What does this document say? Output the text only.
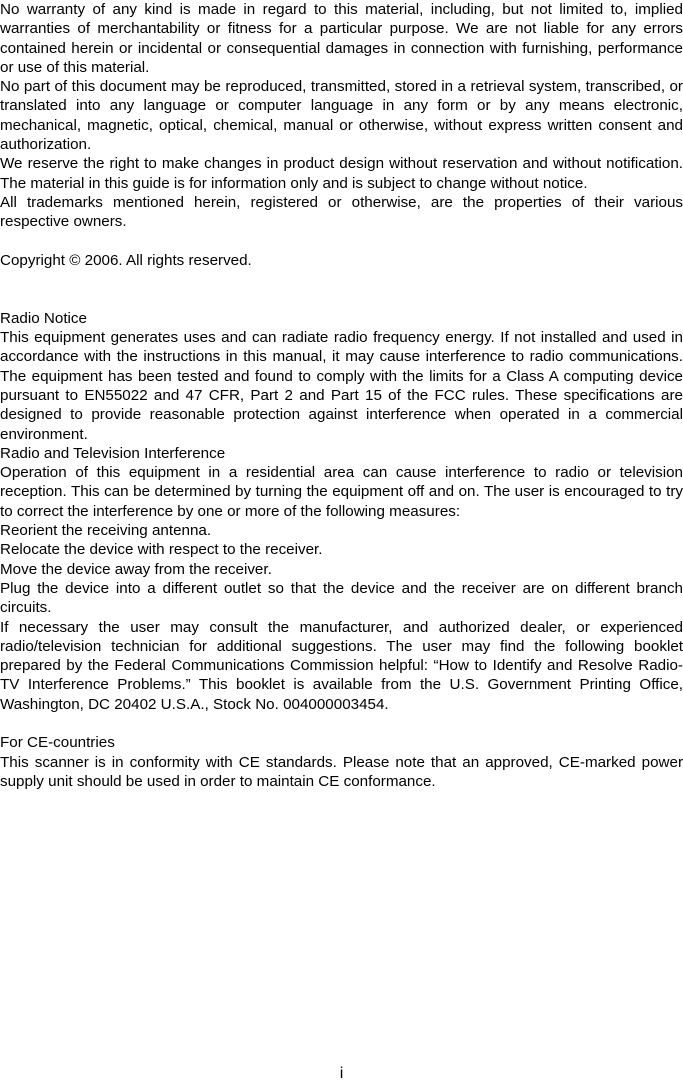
No warranty of any kind is made in regard to this material, including, but not limited to, implied warranties of merchantability or fitness for a particular purpose. We are not liable for any errors contained herein or incidental or consequential damages in connection with furnishing, performance or use of this material.

No part of this document may be reproduced, transmitted, stored in a retrieval system, transcribed, or translated into any language or computer language in any form or by any means electronic, mechanical, magnetic, optical, chemical, manual or otherwise, without express written consent and authorization.

We reserve the right to make changes in product design without reservation and without notification. The material in this guide is for information only and is subject to change without notice.

All trademarks mentioned herein, registered or otherwise, are the properties of their various respective owners.

Copyright © 2006. All rights reserved.

Radio Notice

This equipment generates uses and can radiate radio frequency energy. If not installed and used in accordance with the instructions in this manual, it may cause interference to radio communications. The equipment has been tested and found to comply with the limits for a Class A computing device pursuant to EN55022 and 47 CFR, Part 2 and Part 15 of the FCC rules. These specifications are designed to provide reasonable protection against interference when operated in a commercial environment.

Radio and Television Interference

Operation of this equipment in a residential area can cause interference to radio or television reception. This can be determined by turning the equipment off and on. The user is encouraged to try to correct the interference by one or more of the following measures:

Reorient the receiving antenna.

Relocate the device with respect to the receiver.

Move the device away from the receiver.

Plug the device into a different outlet so that the device and the receiver are on different branch circuits.

If necessary the user may consult the manufacturer, and authorized dealer, or experienced radio/television technician for additional suggestions. The user may find the following booklet prepared by the Federal Communications Commission helpful: “How to Identify and Resolve Radio-TV Interference Problems.” This booklet is available from the U.S. Government Printing Office, Washington, DC 20402 U.S.A., Stock No. 004000003454.

For CE-countries

This scanner is in conformity with CE standards. Please note that an approved, CE-marked power supply unit should be used in order to maintain CE conformance.

i
